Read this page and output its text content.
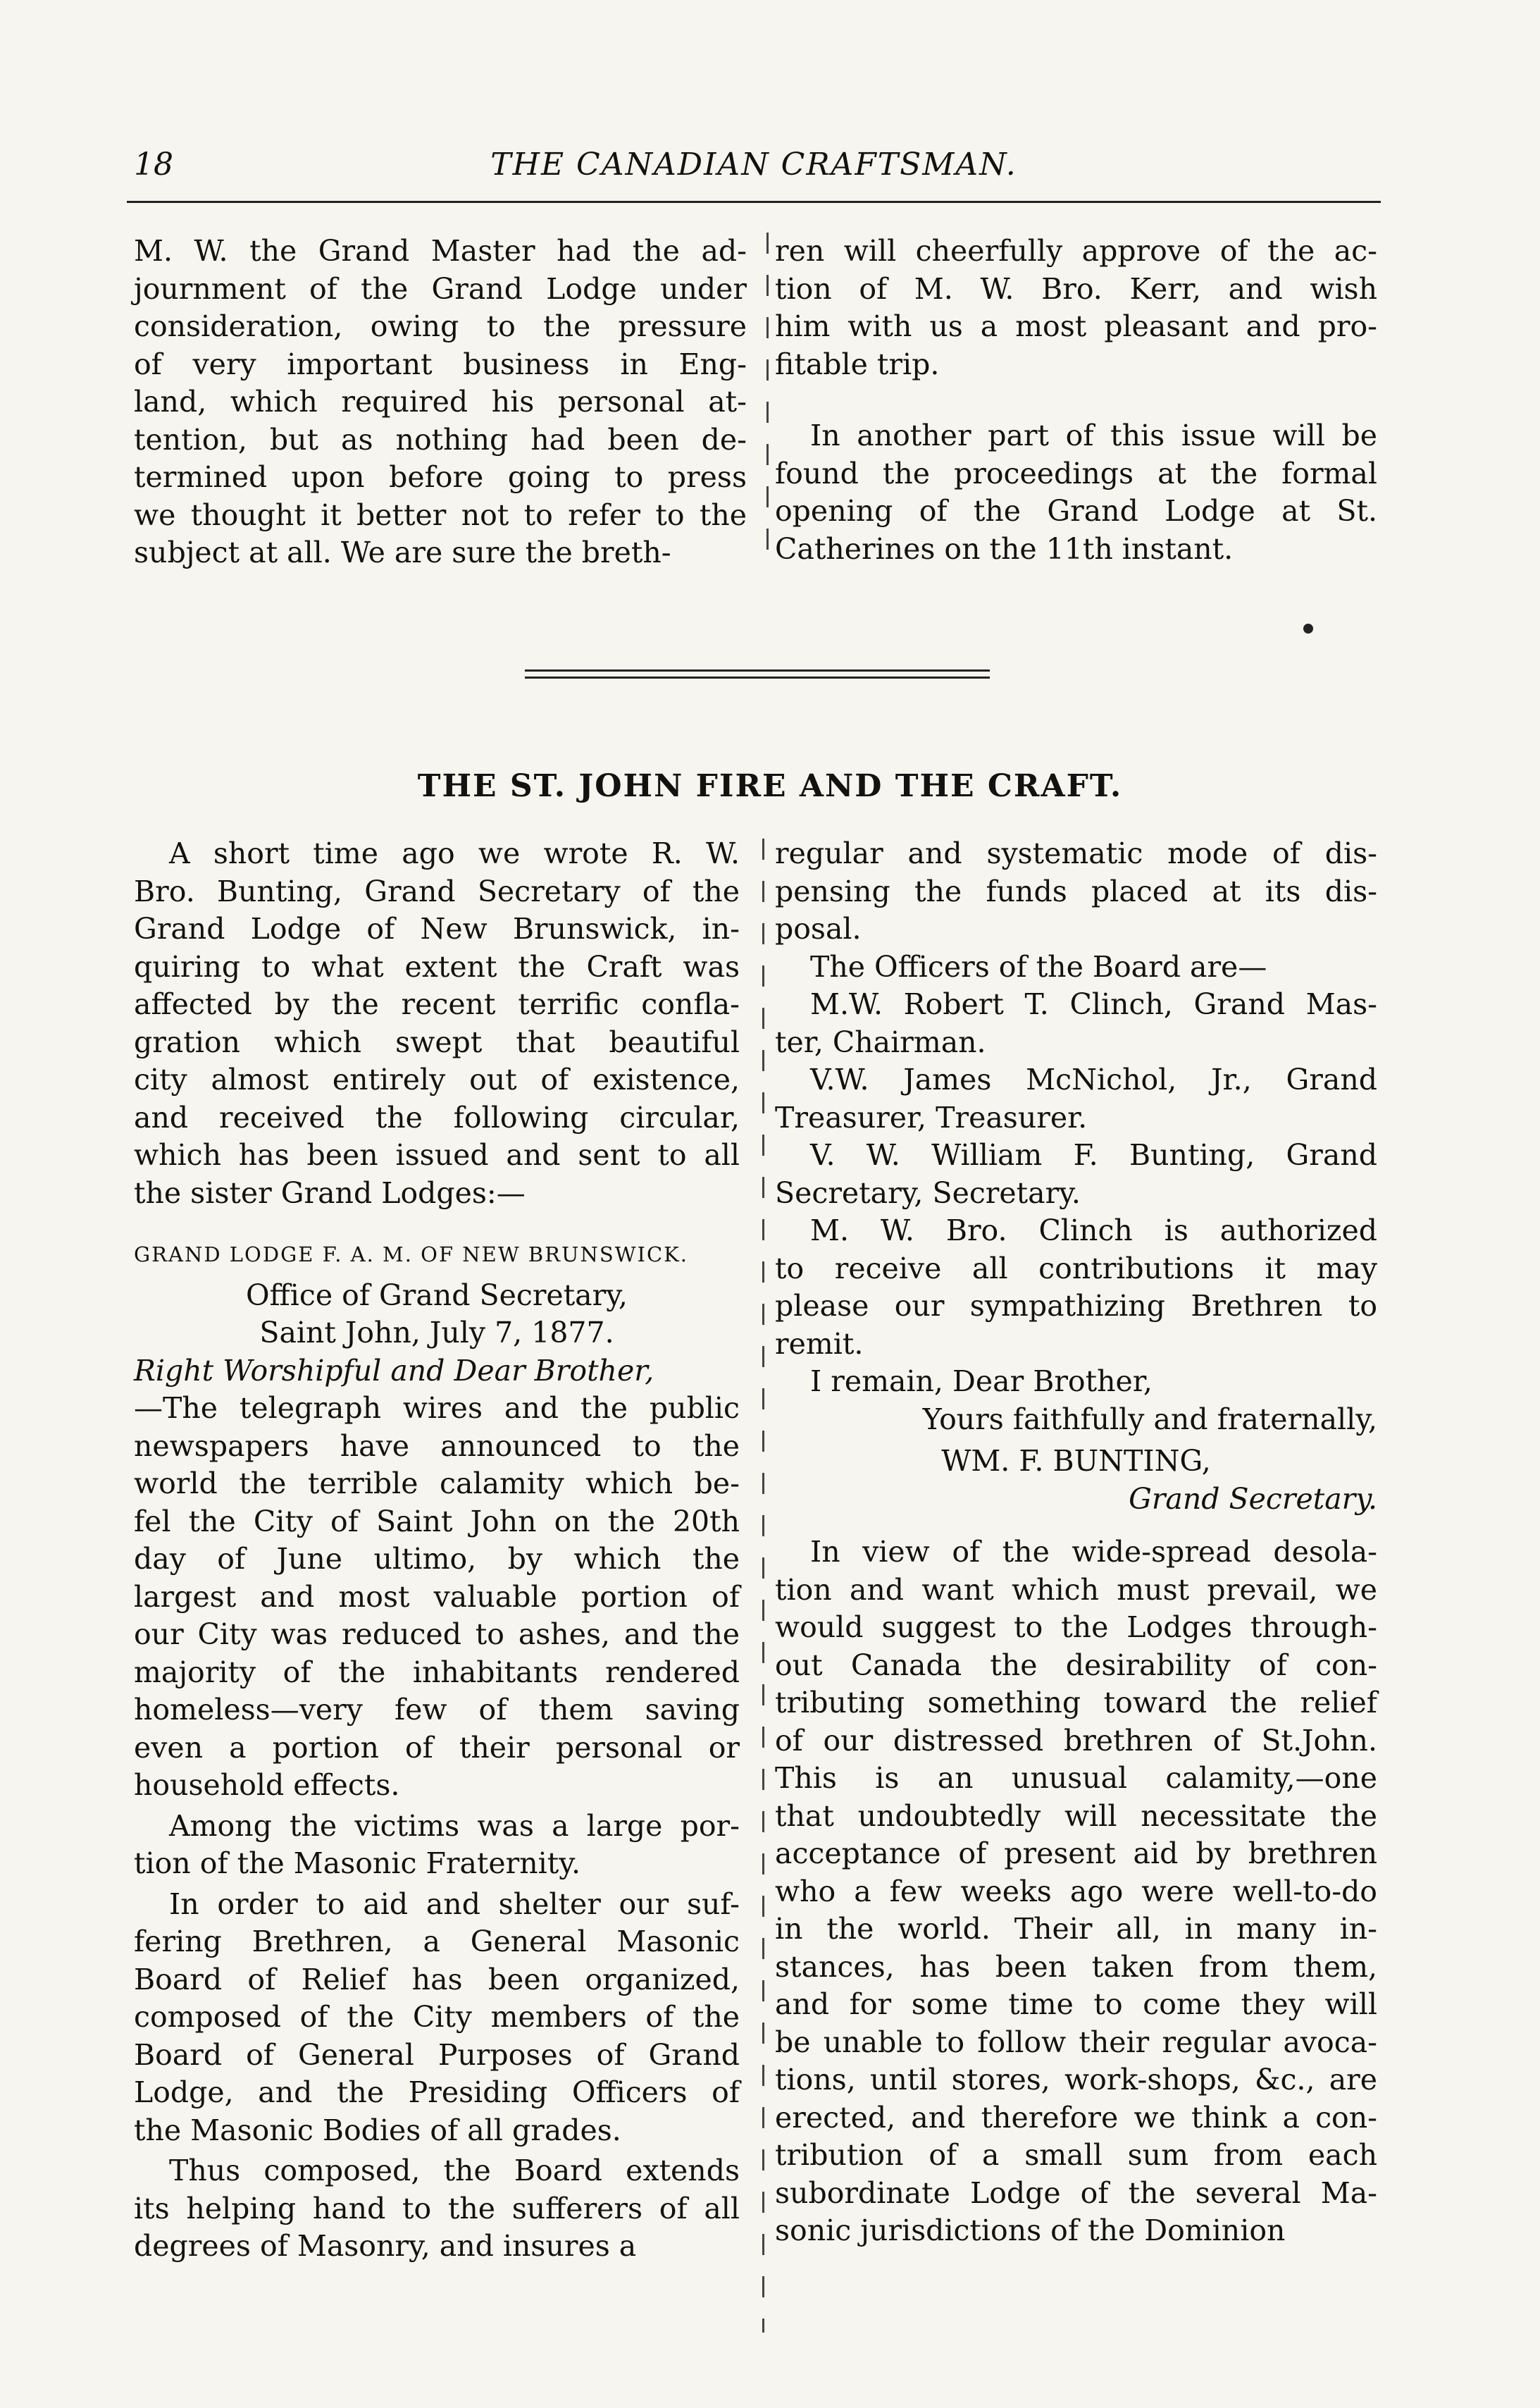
18	THE CANADIAN CRAFTSMAN.

M. W. the Grand Master had the ad-
journment of the Grand Lodge under
consideration, owing to the pressure
of very important business in Eng-
land, which required his personal at-
tention, but as nothing had been de-
termined upon before going to press
we thought it better not to refer to the
subject at all. We are sure the breth-

ren will cheerfully approve of the ac-
tion of M. W. Bro. Kerr, and wish
him with us a most pleasant and pro-
fitable trip.

In another part of this issue will be
found the proceedings at the formal
opening of the Grand Lodge at St.
Catherines on the 11th instant.

THE ST. JOHN FIRE AND THE CRAFT.

A short time ago we wrote R. W.
Bro. Bunting, Grand Secretary of the
Grand Lodge of New Brunswick, in-
quiring to what extent the Craft was
affected by the recent terrific confla-
gration which swept that beautiful
city almost entirely out of existence,
and received the following circular,
which has been issued and sent to all
the sister Grand Lodges:—

GRAND LODGE F. A. M. OF NEW BRUNSWICK.
Office of Grand Secretary,
Saint John, July 7, 1877.
Right Worshipful and Dear Brother,

—The telegraph wires and the public
newspapers have announced to the
world the terrible calamity which be-
fel the City of Saint John on the 20th
day of June ultimo, by which the
largest and most valuable portion of
our City was reduced to ashes, and the
majority of the inhabitants rendered
homeless—very few of them saving
even a portion of their personal or
household effects.

Among the victims was a large por-
tion of the Masonic Fraternity.

In order to aid and shelter our suf-
fering Brethren, a General Masonic
Board of Relief has been organized,
composed of the City members of the
Board of General Purposes of Grand
Lodge, and the Presiding Officers of
the Masonic Bodies of all grades.

Thus composed, the Board extends
its helping hand to the sufferers of all
degrees of Masonry, and insures a

regular and systematic mode of dis-
pensing the funds placed at its dis-
posal.

The Officers of the Board are—

M.W. Robert T. Clinch, Grand Mas-
ter, Chairman.

V.W. James McNichol, Jr., Grand
Treasurer, Treasurer.

V. W. William F. Bunting, Grand
Secretary, Secretary.

M. W. Bro. Clinch is authorized
to receive all contributions it may
please our sympathizing Brethren to
remit.

I remain, Dear Brother,
Yours faithfully and fraternally,
WM. F. BUNTING,
Grand Secretary.

In view of the wide-spread desola-
tion and want which must prevail, we
would suggest to the Lodges through-
out Canada the desirability of con-
tributing something toward the relief
of our distressed brethren of St.John.
This is an unusual calamity,—one
that undoubtedly will necessitate the
acceptance of present aid by brethren
who a few weeks ago were well-to-do
in the world. Their all, in many in-
stances, has been taken from them,
and for some time to come they will
be unable to follow their regular avoca-
tions, until stores, work-shops, &c., are
erected, and therefore we think a con-
tribution of a small sum from each
subordinate Lodge of the several Ma-
sonic jurisdictions of the Dominion
